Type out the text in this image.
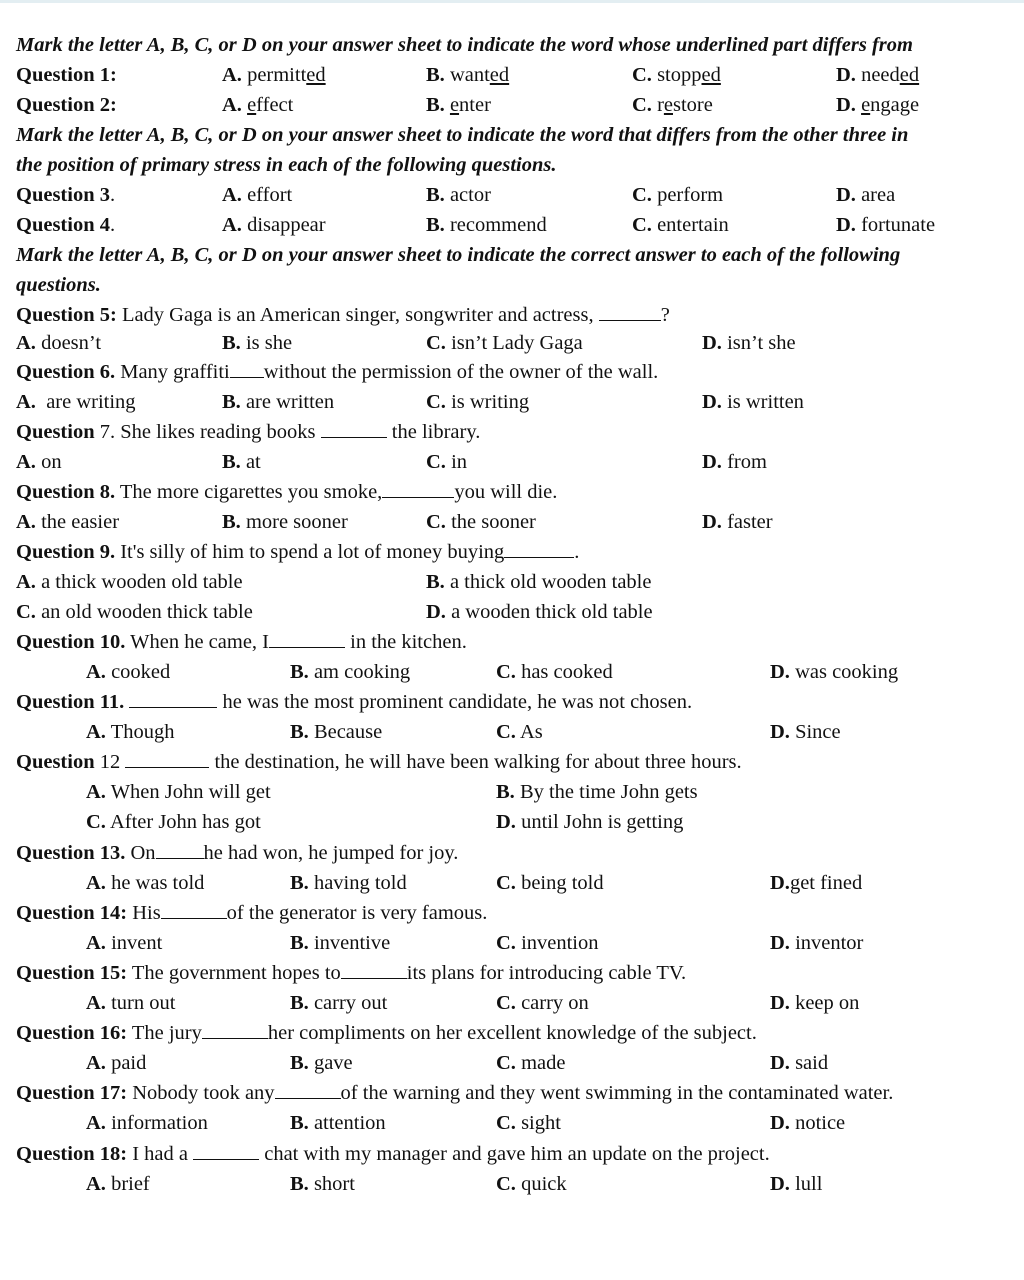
Mark the letter A, B, C, or D on your answer sheet to indicate the word whose underlined part differs from
Question 1:	A. permitted	B. wanted	C. stopped	D. needed
Question 2:	A. effect	B. enter	C. restore	D. engage
Mark the letter A, B, C, or D on your answer sheet to indicate the word that differs from the other three in
the position of primary stress in each of the following questions.
Question 3.	A. effort	B. actor	C. perform	D. area
Question 4.	A. disappear	B. recommend	C. entertain	D. fortunate
Mark the letter A, B, C, or D on your answer sheet to indicate the correct answer to each of the following
questions.
Question 5: Lady Gaga is an American singer, songwriter and actress,	?
A. doesn’t	B. is she	C. isn’t Lady Gaga	D. isn’t she
Question 6. Many graffiti without the permission of the owner of the wall.
A. are writing	B. are written	C. is writing	D. is written
Question 7. She likes reading books	the library.
A. on	B. at	C. in	D. from
Question 8. The more cigarettes you smoke,	you will die.
A. the easier	B. more sooner	C. the sooner	D. faster
Question 9. It's silly of him to spend a lot of money buying	.
A. a thick wooden old table	B. a thick old wooden table
C. an old wooden thick table	D. a wooden thick old table
Question 10. When he came, I	in the kitchen.
A. cooked	B. am cooking	C. has cooked	D. was cooking
Question 11.	he was the most prominent candidate, he was not chosen.
A. Though	B. Because	C. As	D. Since
Question 12	the destination, he will have been walking for about three hours.
A. When John will get	B. By the time John gets
C. After John has got	D. until John is getting
Question 13. On he had won, he jumped for joy.
A. he was told	B. having told	C. being told	D.get fined
Question 14: His	of the generator is very famous.
A. invent	B. inventive	C. invention	D. inventor
Question 15: The government hopes to	its plans for introducing cable TV.
A. turn out	B. carry out	C. carry on	D. keep on
Question 16: The jury	her compliments on her excellent knowledge of the subject.
A. paid	B. gave	C. made	D. said
Question 17: Nobody took any	of the warning and they went swimming in the contaminated water.
A. information	B. attention	C. sight	D. notice
Question 18: I had a	chat with my manager and gave him an update on the project.
A. brief	B. short	C. quick	D. lull
